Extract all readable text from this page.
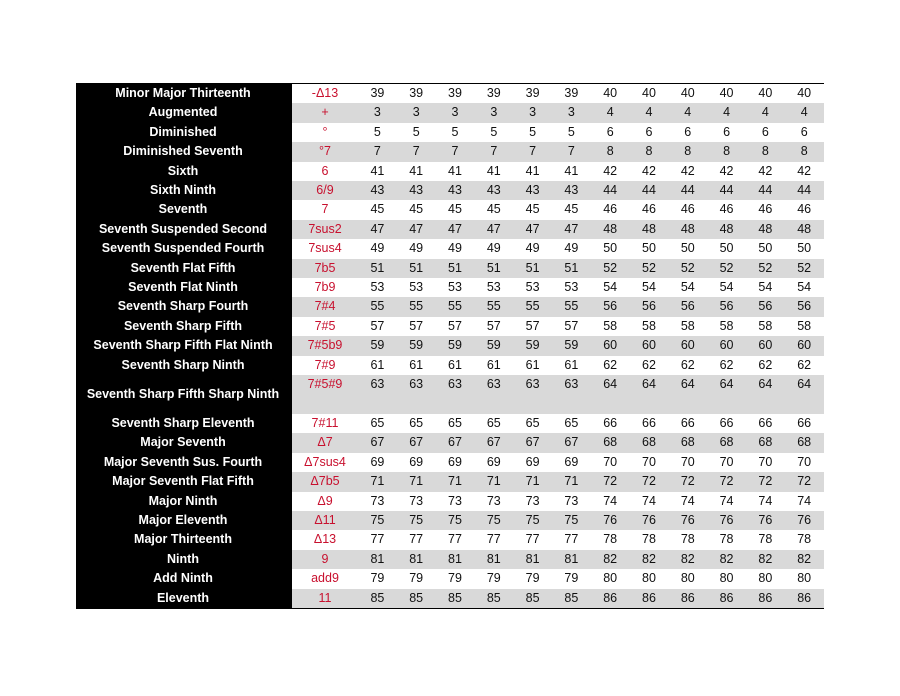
Minor Major Thirteenth	-Δ13	39	39	39	39	39	39	40	40	40	40	40	40
Augmented	+	3	3	3	3	3	3	4	4	4	4	4	4
Diminished	°	5	5	5	5	5	5	6	6	6	6	6	6
Diminished Seventh	°7	7	7	7	7	7	7	8	8	8	8	8	8
Sixth	6	41	41	41	41	41	41	42	42	42	42	42	42
Sixth Ninth	6/9	43	43	43	43	43	43	44	44	44	44	44	44
Seventh	7	45	45	45	45	45	45	46	46	46	46	46	46
Seventh Suspended Second	7sus2	47	47	47	47	47	47	48	48	48	48	48	48
Seventh Suspended Fourth	7sus4	49	49	49	49	49	49	50	50	50	50	50	50
Seventh Flat Fifth	7b5	51	51	51	51	51	51	52	52	52	52	52	52
Seventh Flat Ninth	7b9	53	53	53	53	53	53	54	54	54	54	54	54
Seventh Sharp Fourth	7#4	55	55	55	55	55	55	56	56	56	56	56	56
Seventh Sharp Fifth	7#5	57	57	57	57	57	57	58	58	58	58	58	58
Seventh Sharp Fifth Flat Ninth	7#5b9	59	59	59	59	59	59	60	60	60	60	60	60
Seventh Sharp Ninth	7#9	61	61	61	61	61	61	62	62	62	62	62	62
Seventh Sharp Fifth Sharp Ninth	7#5#9	63	63	63	63	63	63	64	64	64	64	64	64
Seventh Sharp Eleventh	7#11	65	65	65	65	65	65	66	66	66	66	66	66
Major Seventh	Δ7	67	67	67	67	67	67	68	68	68	68	68	68
Major Seventh Sus. Fourth	Δ7sus4	69	69	69	69	69	69	70	70	70	70	70	70
Major Seventh Flat Fifth	Δ7b5	71	71	71	71	71	71	72	72	72	72	72	72
Major Ninth	Δ9	73	73	73	73	73	73	74	74	74	74	74	74
Major Eleventh	Δ11	75	75	75	75	75	75	76	76	76	76	76	76
Major Thirteenth	Δ13	77	77	77	77	77	77	78	78	78	78	78	78
Ninth	9	81	81	81	81	81	81	82	82	82	82	82	82
Add Ninth	add9	79	79	79	79	79	79	80	80	80	80	80	80
Eleventh	11	85	85	85	85	85	85	86	86	86	86	86	86
